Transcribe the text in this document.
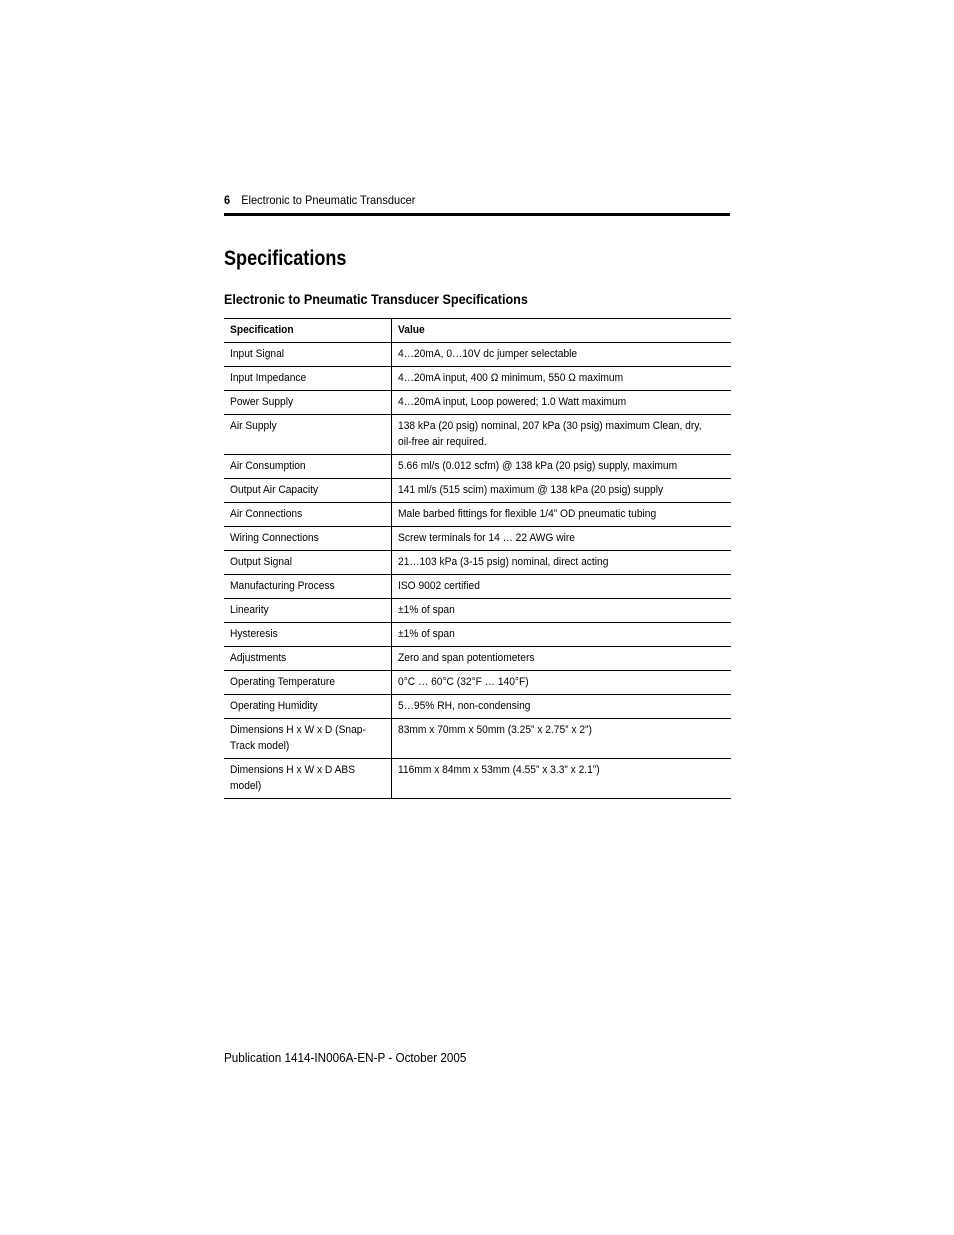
6 Electronic to Pneumatic Transducer
Specifications
Electronic to Pneumatic Transducer Specifications
Specification	Value
Input Signal	4…20mA, 0…10V dc jumper selectable
Input Impedance	4…20mA input, 400 Ω minimum, 550 Ω maximum
Power Supply	4…20mA input, Loop powered; 1.0 Watt maximum
Air Supply	138 kPa (20 psig) nominal, 207 kPa (30 psig) maximum Clean, dry, oil-free air required.
Air Consumption	5.66 ml/s (0.012 scfm) @ 138 kPa (20 psig) supply, maximum
Output Air Capacity	141 ml/s (515 scim) maximum @ 138 kPa (20 psig) supply
Air Connections	Male barbed fittings for flexible 1/4” OD pneumatic tubing
Wiring Connections	Screw terminals for 14 … 22 AWG wire
Output Signal	21…103 kPa (3-15 psig) nominal, direct acting
Manufacturing Process	ISO 9002 certified
Linearity	±1% of span
Hysteresis	±1% of span
Adjustments	Zero and span potentiometers
Operating Temperature	0°C … 60°C (32°F … 140°F)
Operating Humidity	5…95% RH, non-condensing
Dimensions H x W x D (Snap-Track model)	83mm x 70mm x 50mm (3.25” x 2.75” x 2”)
Dimensions H x W x D ABS model)	116mm x 84mm x 53mm (4.55” x 3.3” x 2.1”)
Publication 1414-IN006A-EN-P - October 2005
